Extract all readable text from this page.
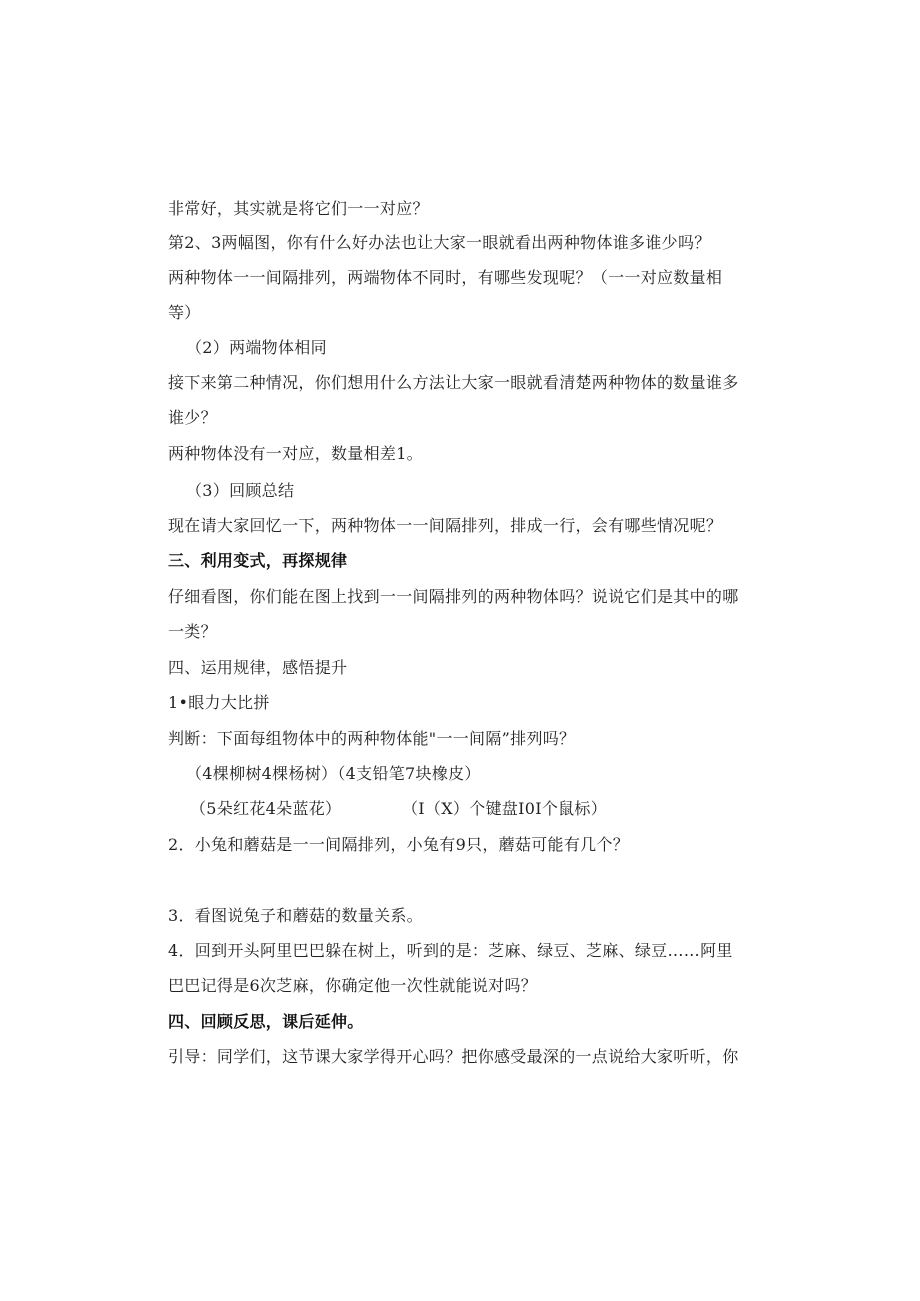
非常好，其实就是将它们一一对应？
第2、3两幅图，你有什么好办法也让大家一眼就看出两种物体谁多谁少吗？
两种物体一一间隔排列，两端物体不同时，有哪些发现呢？（一一对应数量相
等）
（2）两端物体相同
接下来第二种情况，你们想用什么方法让大家一眼就看清楚两种物体的数量谁多
谁少？
两种物体没有一对应，数量相差1。
（3）回顾总结
现在请大家回忆一下，两种物体一一间隔排列，排成一行，会有哪些情况呢？
三、利用变式，再探规律
仔细看图，你们能在图上找到一一间隔排列的两种物体吗？说说它们是其中的哪
一类？
四、运用规律，感悟提升
1•眼力大比拼
判断：下面每组物体中的两种物体能"一一间隔”排列吗？
（4棵柳树4棵杨树）（4支铅笔7块橡皮）
（5朵红花4朵蓝花）	（I（X）个键盘I0I个鼠标）
2．小兔和蘑菇是一一间隔排列，小兔有9只，蘑菇可能有几个？
3．看图说兔子和蘑菇的数量关系。
4．回到开头阿里巴巴躲在树上，听到的是：芝麻、绿豆、芝麻、绿豆……阿里
巴巴记得是6次芝麻，你确定他一次性就能说对吗？
四、回顾反思，课后延伸。
引导：同学们，这节课大家学得开心吗？把你感受最深的一点说给大家听听，你
